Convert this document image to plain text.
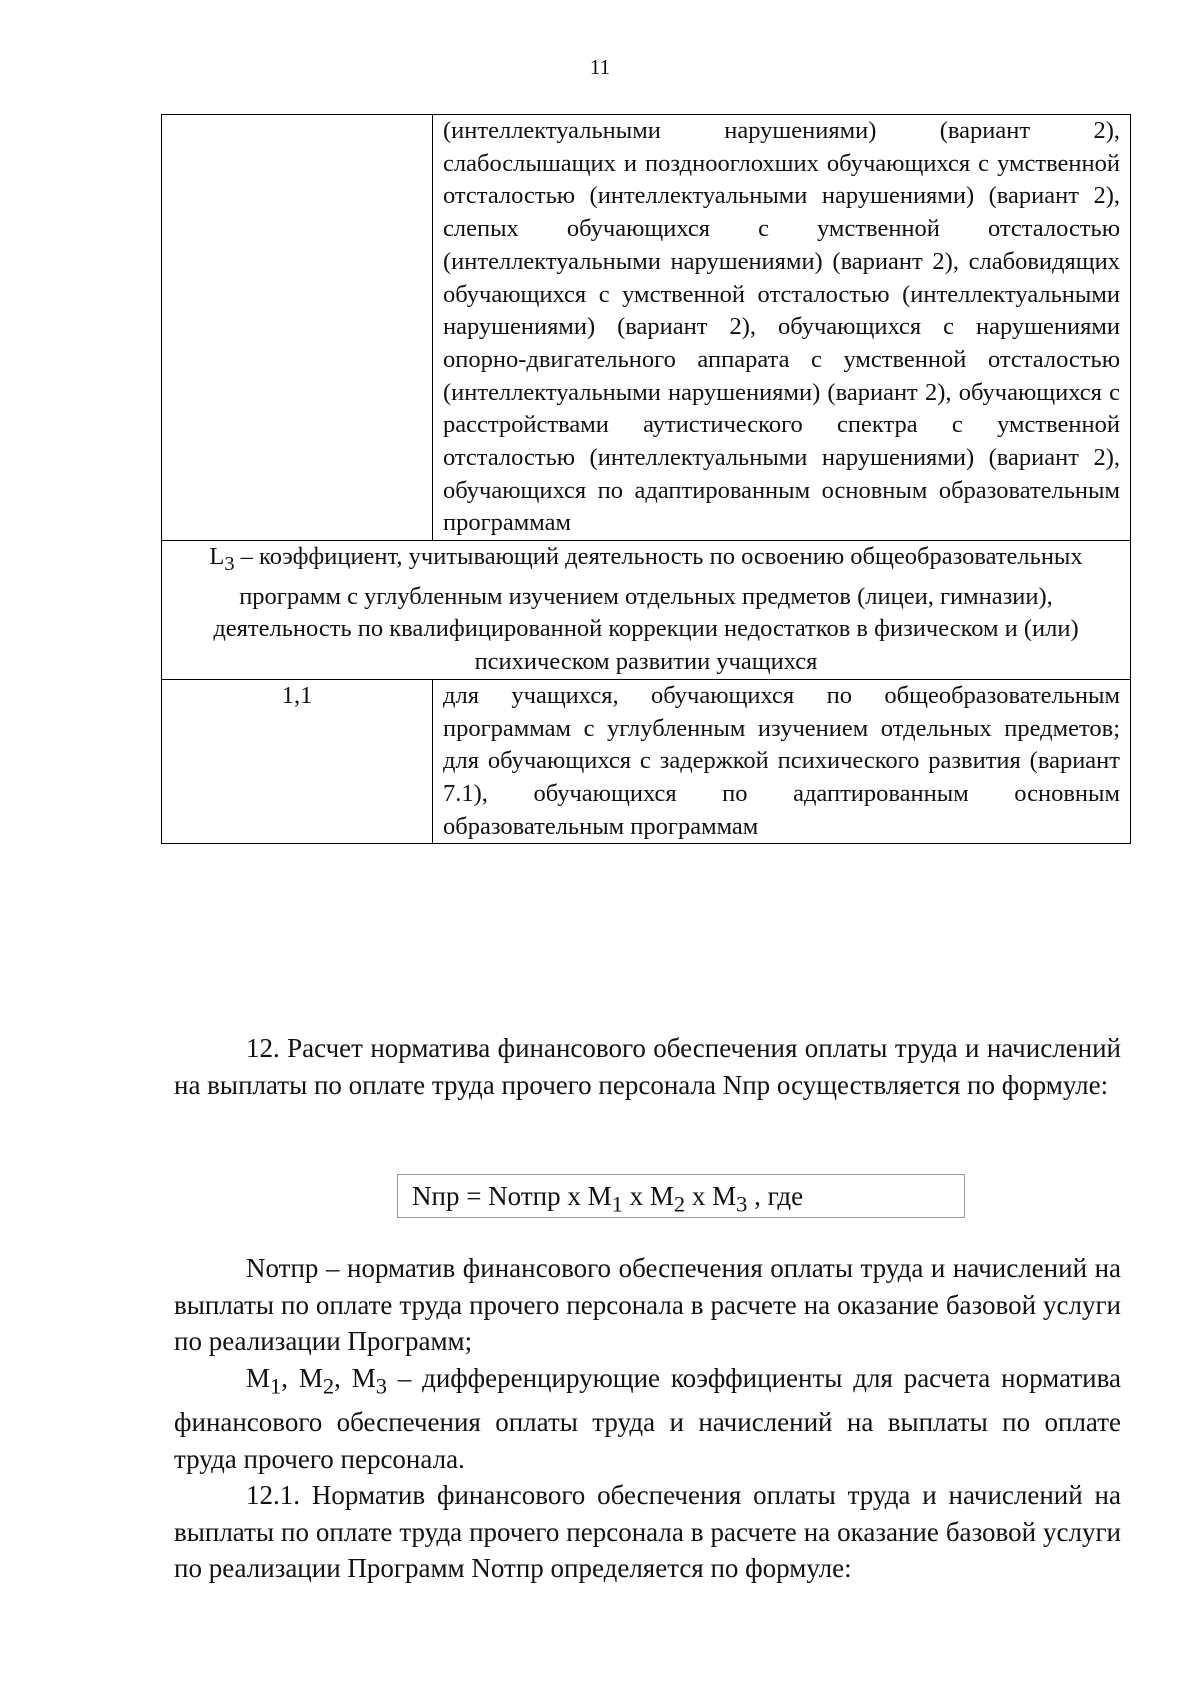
11
	(интеллектуальными нарушениями) (вариант 2), слабослышащих и позднооглохших обучающихся с умственной отсталостью (интеллектуальными нарушениями) (вариант 2), слепых обучающихся с умственной отсталостью (интеллектуальными нарушениями) (вариант 2), слабовидящих обучающихся с умственной отсталостью (интеллектуальными нарушениями) (вариант 2), обучающихся с нарушениями опорно-двигательного аппарата с умственной отсталостью (интеллектуальными нарушениями) (вариант 2), обучающихся с расстройствами аутистического спектра с умственной отсталостью (интеллектуальными нарушениями) (вариант 2), обучающихся по адаптированным основным образовательным программам
$L_3$ – коэффициент, учитывающий деятельность по освоению общеобразовательных программ с углубленным изучением отдельных предметов (лицеи, гимназии), деятельность по квалифицированной коррекции недостатков в физическом и (или) психическом развитии учащихся	
1,1	для учащихся, обучающихся по общеобразовательным программам с углубленным изучением отдельных предметов; для обучающихся с задержкой психического развития (вариант 7.1), обучающихся по адаптированным основным образовательным программам

12. Расчет норматива финансового обеспечения оплаты труда и начислений на выплаты по оплате труда прочего персонала Nпр осуществляется по формуле:

Nпр = Nотпр х $М_1$ х $М_2$ х $М_3$ , где

Nотпр – норматив финансового обеспечения оплаты труда и начислений на выплаты по оплате труда прочего персонала в расчете на оказание базовой услуги по реализации Программ;

$М_1$, $М_2$, $М_3$ – дифференцирующие коэффициенты для расчета норматива финансового обеспечения оплаты труда и начислений на выплаты по оплате труда прочего персонала.

12.1. Норматив финансового обеспечения оплаты труда и начислений на выплаты по оплате труда прочего персонала в расчете на оказание базовой услуги по реализации Программ Nотпр определяется по формуле:
